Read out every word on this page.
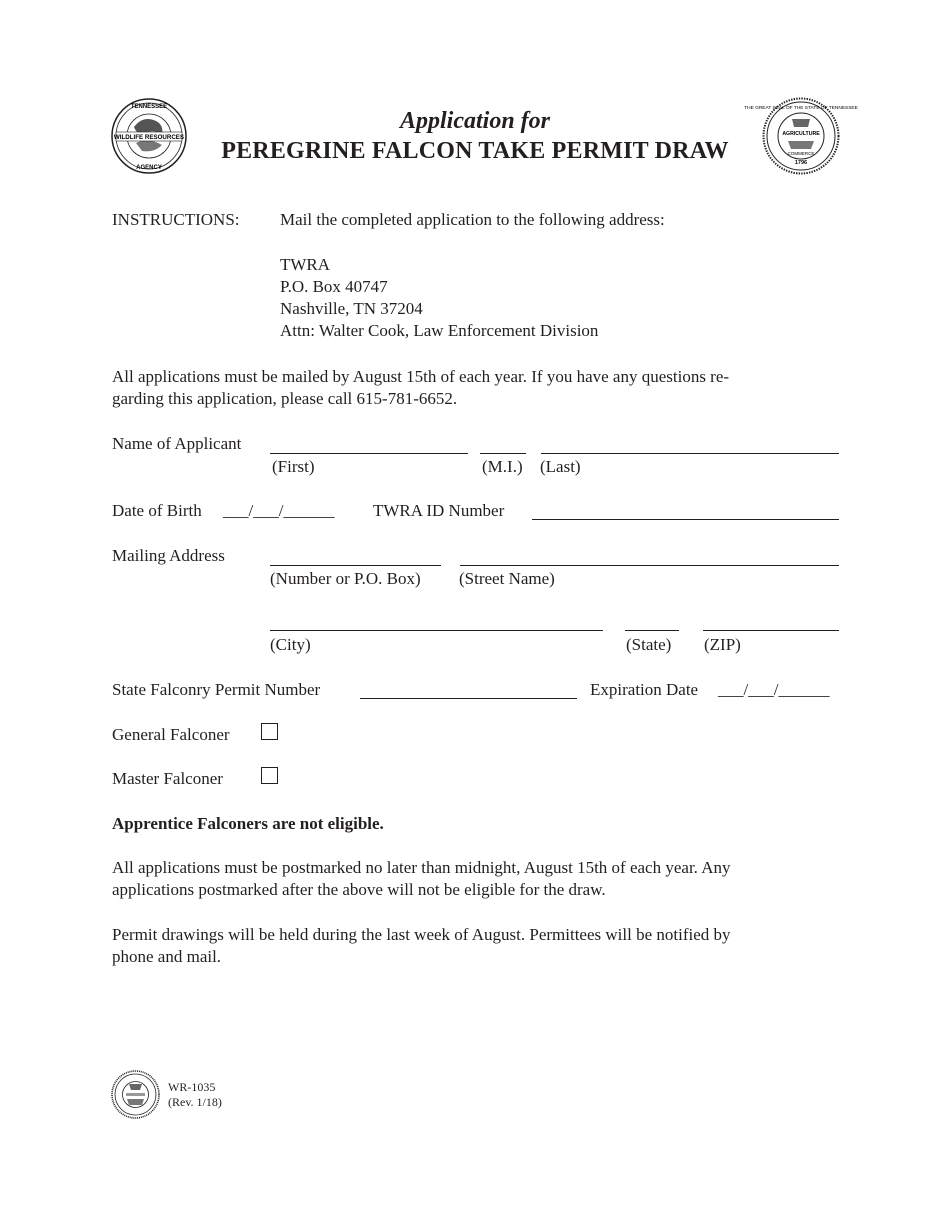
WILDLIFE RESOURCES
TENNESSEE
AGENCY
Application for
PEREGRINE FALCON TAKE PERMIT DRAW
THE GREAT SEAL OF THE STATE OF TENNESSEE
AGRICULTURE
COMMERCE
1796
INSTRUCTIONS: Mail the completed application to the following address:
TWRA
P.O. Box 40747
Nashville, TN 37204
Attn: Walter Cook, Law Enforcement Division
All applications must be mailed by August 15th of each year. If you have any questions re-
garding this application, please call 615-781-6652.
Name of Applicant
(First)	(M.I.) (Last)
Date of Birth ___/___/______ TWRA ID Number
Mailing Address
(Number or P.O. Box) (Street Name)
(City)	(State) (ZIP)
State Falconry Permit Number	Expiration Date ___/___/______
General Falconer
Master Falconer
Apprentice Falconers are not eligible.
All applications must be postmarked no later than midnight, August 15th of each year. Any
applications postmarked after the above will not be eligible for the draw.
Permit drawings will be held during the last week of August. Permittees will be notified by
phone and mail.
WR-1035
(Rev. 1/18)
